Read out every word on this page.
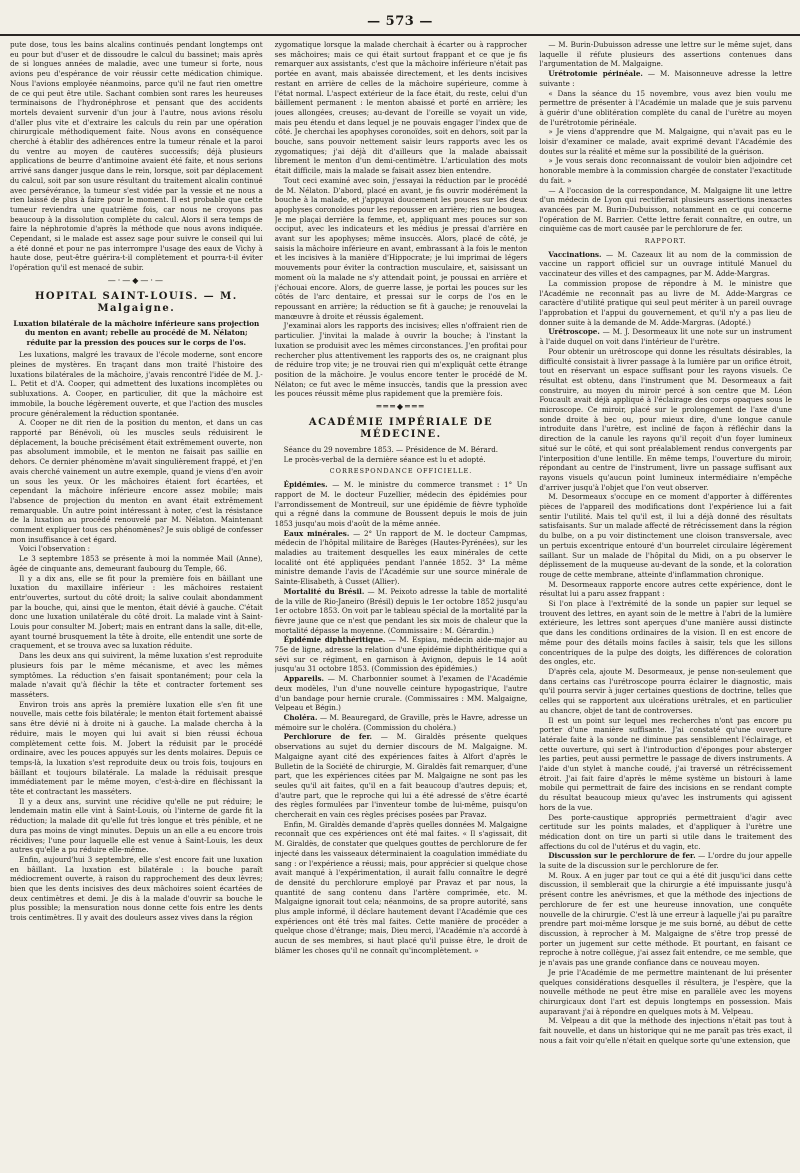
— 573 —

pute dose, tous les bains alcalins continués pendant longtemps ont eu pour but d'user et de dissoudre le calcul du bassinet; mais après de si longues années de maladie, avec une tumeur si forte, nous avions peu d'espérance de voir réussir cette médication chimique. Nous l'avions employée néanmoins, parce qu'il ne faut rien omettre de ce qui peut être utile. Sachant combien sont rares les heureuses terminaisons de l'hydronéphrose et pensant que des accidents mortels devaient survenir d'un jour à l'autre, nous avions résolu d'aller plus vite et d'extraire les calculs du rein par une opération chirurgicale méthodiquement faite. Nous avons en conséquence cherché à établir des adhérences entre la tumeur rénale et la paroi du ventre au moyen de cautères successifs; déjà plusieurs applications de beurre d'antimoine avaient été faite, et nous serions arrivé sans danger jusque dans le rein, lorsque, soit par déplacement du calcul, soit par son usure résultant du traitement alcalin continué avec persévérance, la tumeur s'est vidée par la vessie et ne nous a rien laissé de plus à faire pour le moment. Il est probable que cette tumeur reviendra une quatrième fois, car nous ne croyons pas beaucoup à la dissolution complète du calcul. Alors il sera temps de faire la néphrotomie d'après la méthode que nous avons indiquée. Cependant, si le malade est assez sage pour suivre le conseil qui lui a été donné et pour ne pas interrompre l'usage des eaux de Vichy à haute dose, peut-être guérira-t-il complètement et pourra-t-il éviter l'opération qu'il est menacé de subir.

—·—◆—·—
HOPITAL SAINT-LOUIS. — M. Malgaigne.
Luxation bilatérale de la mâchoire inférieure sans projection du menton en avant; rebelle au procédé de M. Nélaton; réduite par la pression des pouces sur le corps de l'os.

Les luxations, malgré les travaux de l'école moderne, sont encore pleines de mystères. En traçant dans mon traité l'histoire des luxations bilatérales de la mâchoire, j'avais rencontré l'idée de M. J.-L. Petit et d'A. Cooper, qui admettent des luxations incomplètes ou subluxations. A. Cooper, en particulier, dit que la mâchoire est immobile, la bouche légèrement ouverte, et que l'action des muscles procure généralement la réduction spontanée.

A. Cooper ne dit rien de la position du menton, et dans un cas rapporté par Bénévoli, où les muscles seuls réduisirent le déplacement, la bouche précisément était extrêmement ouverte, non pas absolument immobile, et le menton ne faisait pas saillie en dehors. Ce dernier phénomène m'avait singulièrement frappé, et j'en avais cherché vainement un autre exemple, quand je viens d'en avoir un sous les yeux. Or les mâchoires étaient fort écartées, et cependant la mâchoire inférieure encore assez mobile; mais l'absence de projection du menton en avant était extrêmement remarquable. Un autre point intéressant à noter, c'est la résistance de la luxation au procédé renouvelé par M. Nélaton. Maintenant comment expliquer tous ces phénomènes? Je suis obligé de confesser mon insuffisance à cet égard.

Voici l'observation :

Le 3 septembre 1853 se présente à moi la nommée Mail (Anne), âgée de cinquante ans, demeurant faubourg du Temple, 66.

Il y a dix ans, elle se fit pour la première fois en bâillant une luxation du maxillaire inférieur : les mâchoires restaient entr'ouvertes, surtout du côté droit; la salive coulait abondamment par la bouche, qui, ainsi que le menton, était dévié à gauche. C'était donc une luxation unilatérale du côté droit. La malade vint à Saint-Louis pour consulter M. Jobert; mais en entrant dans la salle, dit-elle, ayant tourné brusquement la tête à droite, elle entendit une sorte de craquement, et se trouva avec sa luxation réduite.

Dans les deux ans qui suivirent, la même luxation s'est reproduite plusieurs fois par le même mécanisme, et avec les mêmes symptômes. La réduction s'en faisait spontanément; pour cela la malade n'avait qu'à fléchir la tête et contracter fortement ses masséters.

Environ trois ans après la première luxation elle s'en fit une nouvelle, mais cette fois bilatérale; le menton était fortement abaissé sans être dévié ni à droite ni à gauche. La malade chercha à la réduire, mais le moyen qui lui avait si bien réussi échoua complètement cette fois. M. Jobert la réduisit par le procédé ordinaire, avec les pouces appuyés sur les dents molaires. Depuis ce temps-là, la luxation s'est reproduite deux ou trois fois, toujours en bâillant et toujours bilatérale. La malade la réduisait presque immédiatement par le même moyen, c'est-à-dire en fléchissant la tête et contractant les masséters.

Il y a deux ans, survint une récidive qu'elle ne put réduire; le lendemain matin elle vint à Saint-Louis, où l'interne de garde fit la réduction; la malade dit qu'elle fut très longue et très pénible, et ne dura pas moins de vingt minutes. Depuis un an elle a eu encore trois récidives; l'une pour laquelle elle est venue à Saint-Louis, les deux autres qu'elle a pu réduire elle-même.

Enfin, aujourd'hui 3 septembre, elle s'est encore fait une luxation en bâillant. La luxation est bilatérale : la bouche paraît médiocrement ouverte, à raison du rapprochement des deux lèvres; bien que les dents incisives des deux mâchoires soient écartées de deux centimètres et demi. Je dis à la malade d'ouvrir sa bouche le plus possible; la mensuration nous donne cette fois entre les dents trois centimètres. Il y avait des douleurs assez vives dans la région

zygomatique lorsque la malade cherchait à écarter ou à rapprocher ses mâchoires; mais ce qui était surtout frappant et ce que je fis remarquer aux assistants, c'est que la mâchoire inférieure n'était pas portée en avant, mais abaissée directement, et les dents incisives restant en arrière de celles de la mâchoire supérieure, comme à l'état normal. L'aspect extérieur de la face était, du reste, celui d'un bâillement permanent : le menton abaissé et porté en arrière; les joues allongées, creuses; au-devant de l'oreille se voyait un vide, mais peu étendu et dans lequel je ne pouvais engager l'index que de côté. Je cherchai les apophyses coronoïdes, soit en dehors, soit par la bouche, sans pouvoir nettement saisir leurs rapports avec les os zygomatiques; j'ai déjà dit d'ailleurs que la malade abaissait librement le menton d'un demi-centimètre. L'articulation des mots était difficile, mais la malade se faisait assez bien entendre.

Tout ceci examiné avec soin, j'essayai la réduction par le procédé de M. Nélaton. D'abord, placé en avant, je fis ouvrir modérément la bouche à la malade, et j'appuyai doucement les pouces sur les deux apophyses coronoïdes pour les repousser en arrière; rien ne bougea. Je me plaçai derrière la femme, et, appliquant mes pouces sur son occiput, avec les indicateurs et les médius je pressai d'arrière en avant sur les apophyses; même insuccès. Alors, placé de côté, je saisis la mâchoire inférieure en avant, embrassant à la fois le menton et les incisives à la manière d'Hippocrate; je lui imprimai de légers mouvements pour éviter la contraction musculaire, et, saisissant un moment où la malade ne s'y attendait point, je poussai en arrière et j'échouai encore. Alors, de guerre lasse, je portai les pouces sur les côtés de l'arc dentaire, et pressai sur le corps de l'os en le repoussant en arrière; la réduction se fit à gauche; je renouvelai la manœuvre à droite et réussis également.

J'examinai alors les rapports des incisives; elles n'offraient rien de particulier. J'invitai la malade à ouvrir la bouche; à l'instant la luxation se produisit avec les mêmes circonstances. J'en profitai pour rechercher plus attentivement les rapports des os, ne craignant plus de réduire trop vite; je ne trouvai rien qui m'expliquât cette étrange position de la mâchoire. Je voulus encore tenter le procédé de M. Nélaton; ce fut avec le même insuccès, tandis que la pression avec les pouces réussit même plus rapidement que la première fois.

═══◆═══
ACADÉMIE IMPÉRIALE DE MÉDECINE.

Séance du 29 novembre 1853. — Présidence de M. Bérard.

Le procès-verbal de la dernière séance est lu et adopté.

CORRESPONDANCE OFFICIELLE.

Épidémies. — M. le ministre du commerce transmet : 1° Un rapport de M. le docteur Fuzellier, médecin des épidémies pour l'arrondissement de Montreuil, sur une épidémie de fièvre typhoïde qui a régné dans la commune de Boussent depuis le mois de juin 1853 jusqu'au mois d'août de la même année.

Eaux minérales. — 2° Un rapport de M. le docteur Campmas, médecin de l'hôpital militaire de Barèges (Hautes-Pyrénées), sur les maladies au traitement desquelles les eaux minérales de cette localité ont été appliquées pendant l'année 1852. 3° La même ministre demande l'avis de l'Académie sur une source minérale de Sainte-Elisabeth, à Cusset (Allier).

Mortalité du Brésil. — M. Peixoto adresse la table de mortalité de la ville de Rio-Janeiro (Brésil) depuis le 1er octobre 1852 jusqu'au 1er octobre 1853. On voit par le tableau spécial de la mortalité par la fièvre jaune que ce n'est que pendant les six mois de chaleur que la mortalité dépasse la moyenne. (Commissaire : M. Gérardin.)

Épidémie diphthéritique. — M. Espiau, médecin aide-major au 75e de ligne, adresse la relation d'une épidémie diphthéritique qui a sévi sur ce régiment, en garnison à Avignon, depuis le 14 août jusqu'au 31 octobre 1853. (Commission des épidémies.)

Appareils. — M. Charbonnier soumet à l'examen de l'Académie deux modèles, l'un d'une nouvelle ceinture hypogastrique, l'autre d'un bandage pour hernie crurale. (Commissaires : MM. Malgaigne, Velpeau et Bégin.)

Choléra. — M. Beauregard, de Graville, près le Havre, adresse un mémoire sur le choléra. (Commission du choléra.)

Perchlorure de fer. — M. Giraldès présente quelques observations au sujet du dernier discours de M. Malgaigne. M. Malgaigne ayant cité des expériences faites à Alfort d'après le Bulletin de la Société de chirurgie, M. Giraldès fait remarquer, d'une part, que les expériences citées par M. Malgaigne ne sont pas les seules qu'il ait faites, qu'il en a fait beaucoup d'autres depuis; et, d'autre part, que le reproche qui lui a été adressé de s'être écarté des règles formulées par l'inventeur tombe de lui-même, puisqu'on chercherait en vain ces règles précises posées par Pravaz.

Enfin, M. Giraldès demande d'après quelles données M. Malgaigne reconnaît que ces expériences ont été mal faites. « Il s'agissait, dit M. Giraldès, de constater que quelques gouttes de perchlorure de fer injecté dans les vaisseaux déterminaient la coagulation immédiate du sang : or l'expérience a réussi; mais, pour apprécier si quelque chose avait manqué à l'expérimentation, il aurait fallu connaître le degré de densité du perchlorure employé par Pravaz et par nous, la quantité de sang contenu dans l'artère comprimée, etc. M. Malgaigne ignorait tout cela; néanmoins, de sa propre autorité, sans plus ample informé, il déclare hautement devant l'Académie que ces expériences ont été très mal faites. Cette manière de procéder a quelque chose d'étrange; mais, Dieu merci, l'Académie n'a accordé à aucun de ses membres, si haut placé qu'il puisse être, le droit de blâmer les choses qu'il ne connaît qu'incomplètement. »

— M. Burin-Dubuisson adresse une lettre sur le même sujet, dans laquelle il réfute plusieurs des assertions contenues dans l'argumentation de M. Malgaigne.

Urétrotomie périnéale. — M. Maisonneuve adresse la lettre suivante :

« Dans la séance du 15 novembre, vous avez bien voulu me permettre de présenter à l'Académie un malade que je suis parvenu à guérir d'une oblitération complète du canal de l'urètre au moyen de l'urétrotomie périnéale.

» Je viens d'apprendre que M. Malgaigne, qui n'avait pas eu le loisir d'examiner ce malade, avait exprimé devant l'Académie des doutes sur la réalité et même sur la possibilité de la guérison.

» Je vous serais donc reconnaissant de vouloir bien adjoindre cet honorable membre à la commission chargée de constater l'exactitude du fait. »

— A l'occasion de la correspondance, M. Malgaigne lit une lettre d'un médecin de Lyon qui rectifierait plusieurs assertions inexactes avancées par M. Burin-Dubuisson, notamment en ce qui concerne l'opération de M. Barrier. Cette lettre ferait connaître, en outre, un cinquième cas de mort causée par le perchlorure de fer.

RAPPORT.

Vaccinations. — M. Cazeaux lit au nom de la commission de vaccine un rapport officiel sur un ouvrage intitulé Manuel du vaccinateur des villes et des campagnes, par M. Adde-Margras.

La commission propose de répondre à M. le ministre que l'Académie ne reconnaît pas au livre de M. Adde-Margras ce caractère d'utilité pratique qui seul peut mériter à un pareil ouvrage l'approbation et l'appui du gouvernement, et qu'il n'y a pas lieu de donner suite à la demande de M. Adde-Margras. (Adopté.)

Urétroscope. — M. J. Desormeaux lit une note sur un instrument à l'aide duquel on voit dans l'intérieur de l'urètre.

Pour obtenir un urétroscope qui donne les résultats désirables, la difficulté consistait à livrer passage à la lumière par un orifice étroit, tout en réservant un espace suffisant pour les rayons visuels. Ce résultat est obtenu, dans l'instrument que M. Desormeaux a fait construire, au moyen du miroir percé à son centre que M. Léon Foucault avait déjà appliqué à l'éclairage des corps opaques sous le microscope. Ce miroir, placé sur le prolongement de l'axe d'une sonde droite à bec ou, pour mieux dire, d'une longue canule introduite dans l'urètre, est incliné de façon à réfléchir dans la direction de la canule les rayons qu'il reçoit d'un foyer lumineux situé sur le côté, et qui sont préalablement rendus convergents par l'interposition d'une lentille. En même temps, l'ouverture du miroir, répondant au centre de l'instrument, livre un passage suffisant aux rayons visuels qu'aucun point lumineux intermédiaire n'empêche d'arriver jusqu'à l'objet que l'on veut observer.

M. Desormeaux s'occupe en ce moment d'apporter à différentes pièces de l'appareil des modifications dont l'expérience lui a fait sentir l'utilité. Mais tel qu'il est, il lui a déjà donné des résultats satisfaisants. Sur un malade affecté de rétrécissement dans la région du bulbe, on a pu voir distinctement une cloison transversale, avec un pertuis excentrique entouré d'un bourrelet circulaire légèrement saillant. Sur un malade de l'hôpital du Midi, on a pu observer le déplissement de la muqueuse au-devant de la sonde, et la coloration rouge de cette membrane, atteinte d'inflammation chronique.

M. Desormeaux rapporte encore autres cette expérience, dont le résultat lui a paru assez frappant :

Si l'on place à l'extrémité de la sonde un papier sur lequel se trouvent des lettres, en ayant soin de le mettre à l'abri de la lumière extérieure, les lettres sont aperçues d'une manière aussi distincte que dans les conditions ordinaires de la vision. Il en est encore de même pour des détails moins faciles à saisir, tels que les sillons concentriques de la pulpe des doigts, les différences de coloration des ongles, etc.

D'après cela, ajoute M. Desormeaux, je pense non-seulement que dans certains cas l'urétroscope pourra éclairer le diagnostic, mais qu'il pourra servir à juger certaines questions de doctrine, telles que celles qui se rapportent aux ulcérations urétrales, et en particulier au chancre, objet de tant de controverses.

Il est un point sur lequel mes recherches n'ont pas encore pu porter d'une manière suffisante. J'ai constaté qu'une ouverture latérale faite à la sonde ne diminue pas sensiblement l'éclairage, et cette ouverture, qui sert à l'introduction d'éponges pour absterger les parties, peut aussi permettre le passage de divers instruments. A l'aide d'un stylet à manche coudé, j'ai traversé un rétrécissement étroit. J'ai fait faire d'après le même système un bistouri à lame mobile qui permettrait de faire des incisions en se rendant compte du résultat beaucoup mieux qu'avec les instruments qui agissent hors de la vue.

Des porte-caustique appropriés permettraient d'agir avec certitude sur les points malades, et d'appliquer à l'urètre une médication dont on tire un parti si utile dans le traitement des affections du col de l'utérus et du vagin, etc.

Discussion sur le perchlorure de fer. — L'ordre du jour appelle la suite de la discussion sur le perchlorure de fer.

M. Roux. A en juger par tout ce qui a été dit jusqu'ici dans cette discussion, il semblerait que la chirurgie a été impuissante jusqu'à présent contre les anévrismes, et que la méthode des injections de perchlorure de fer est une heureuse innovation, une conquête nouvelle de la chirurgie. C'est là une erreur à laquelle j'ai pu paraître prendre part moi-même lorsque je me suis borné, au début de cette discussion, à reprocher à M. Malgaigne de s'être trop pressé de porter un jugement sur cette méthode. Et pourtant, en faisant ce reproche à notre collègue, j'ai assez fait entendre, ce me semble, que je n'avais pas une grande confiance dans ce nouveau moyen.

Je prie l'Académie de me permettre maintenant de lui présenter quelques considérations desquelles il résultera, je l'espère, que la nouvelle méthode ne peut être mise en parallèle avec les moyens chirurgicaux dont l'art est depuis longtemps en possession. Mais auparavant j'ai à répondre en quelques mots à M. Velpeau.

M. Velpeau a dit que la méthode des injections n'était pas tout à fait nouvelle, et dans un historique qui ne me paraît pas très exact, il nous a fait voir qu'elle n'était en quelque sorte qu'une extension, que
